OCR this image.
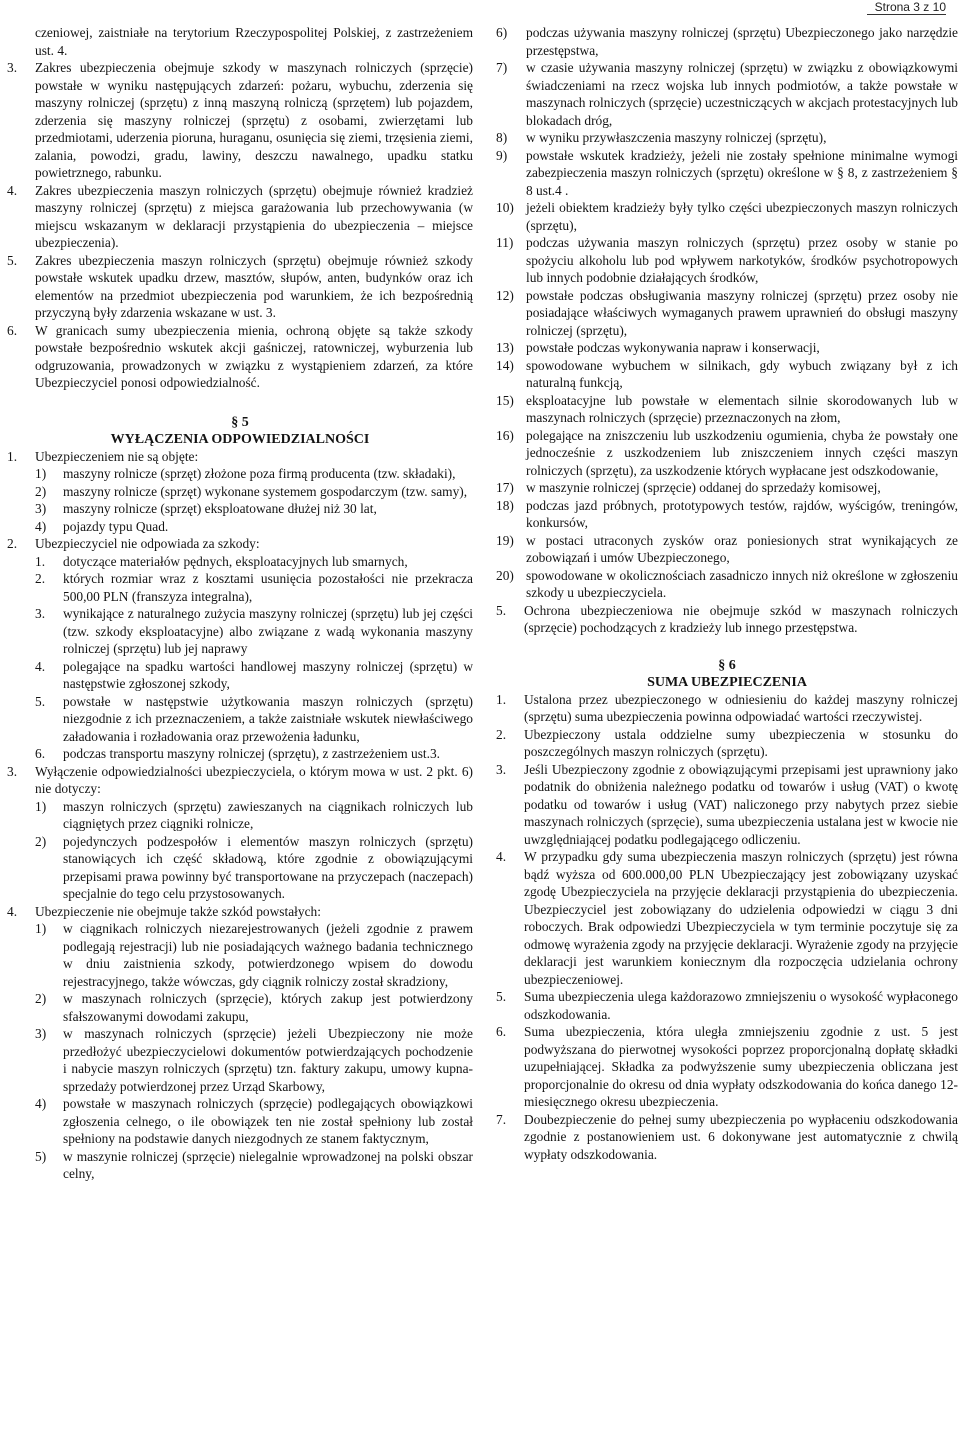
Strona 3 z 10
czeniowej, zaistniałe na terytorium Rzeczypospolitej Polskiej, z zastrzeżeniem ust. 4.
3.	Zakres ubezpieczenia obejmuje szkody w maszynach rolniczych (sprzęcie) powstałe w wyniku następujących zdarzeń: pożaru, wybuchu, zderzenia się maszyny rolniczej (sprzętu) z inną maszyną rolniczą (sprzętem) lub pojazdem, zderzenia się maszyny rolniczej (sprzętu) z osobami, zwierzętami lub przedmiotami, uderzenia pioruna, huraganu, osunięcia się ziemi, trzęsienia ziemi, zalania, powodzi, gradu, lawiny, deszczu nawalnego, upadku statku powietrznego, rabunku.
4.	Zakres ubezpieczenia maszyn rolniczych (sprzętu) obejmuje również kradzież maszyny rolniczej (sprzętu) z miejsca garażowania lub przechowywania (w miejscu wskazanym w deklaracji przystąpienia do ubezpieczenia – miejsce ubezpieczenia).
5.	Zakres ubezpieczenia maszyn rolniczych (sprzętu) obejmuje również szkody powstałe wskutek upadku drzew, masztów, słupów, anten, budynków oraz ich elementów na przedmiot ubezpieczenia pod warunkiem, że ich bezpośrednią przyczyną były zdarzenia wskazane w ust. 3.
6.	W granicach sumy ubezpieczenia mienia, ochroną objęte są także szkody powstałe bezpośrednio wskutek akcji gaśniczej, ratowniczej, wyburzenia lub odgruzowania, prowadzonych w związku z wystąpieniem zdarzeń, za które Ubezpieczyciel ponosi odpowiedzialność.
§ 5
WYŁĄCZENIA ODPOWIEDZIALNOŚCI
1.	Ubezpieczeniem nie są objęte:
1)	maszyny rolnicze (sprzęt) złożone poza firmą producenta (tzw. składaki),
2)	maszyny rolnicze (sprzęt) wykonane systemem gospodarczym (tzw. samy),
3)	maszyny rolnicze (sprzęt) eksploatowane dłużej niż 30 lat,
4)	pojazdy typu Quad.
2.	Ubezpieczyciel nie odpowiada za szkody:
1.	dotyczące materiałów pędnych, eksploatacyjnych lub smarnych,
2.	których rozmiar wraz z kosztami usunięcia pozostałości nie przekracza 500,00 PLN (franszyza integralna),
3.	wynikające z naturalnego zużycia maszyny rolniczej (sprzętu) lub jej części (tzw. szkody eksploatacyjne) albo związane z wadą wykonania maszyny rolniczej (sprzętu) lub jej naprawy
4.	polegające na spadku wartości handlowej maszyny rolniczej (sprzętu) w następstwie zgłoszonej szkody,
5.	powstałe w następstwie użytkowania maszyn rolniczych (sprzętu) niezgodnie z ich przeznaczeniem, a także zaistniałe wskutek niewłaściwego załadowania i rozładowania oraz przewożenia ładunku,
6.	podczas transportu maszyny rolniczej (sprzętu), z zastrzeżeniem ust.3.
3.	Wyłączenie odpowiedzialności ubezpieczyciela, o którym mowa w ust. 2 pkt. 6) nie dotyczy:
1)	maszyn rolniczych (sprzętu) zawieszanych na ciągnikach rolniczych lub ciągniętych przez ciągniki rolnicze,
2)	pojedynczych podzespołów i elementów maszyn rolniczych (sprzętu) stanowiących ich część składową, które zgodnie z obowiązującymi przepisami prawa powinny być transportowane na przyczepach (naczepach) specjalnie do tego celu przystosowanych.
4.	Ubezpieczenie nie obejmuje także szkód powstałych:
1)	w ciągnikach rolniczych niezarejestrowanych (jeżeli zgodnie z prawem podlegają rejestracji) lub nie posiadających ważnego badania technicznego w dniu zaistnienia szkody, potwierdzonego wpisem do dowodu rejestracyjnego, także wówczas, gdy ciągnik rolniczy został skradziony,
2)	w maszynach rolniczych (sprzęcie), których zakup jest potwierdzony sfałszowanymi dowodami zakupu,
3)	w maszynach rolniczych (sprzęcie) jeżeli Ubezpieczony nie może przedłożyć ubezpieczycielowi dokumentów potwierdzających pochodzenie i nabycie maszyn rolniczych (sprzętu) tzn. faktury zakupu, umowy kupna-sprzedaży potwierdzonej przez Urząd Skarbowy,
4)	powstałe w maszynach rolniczych (sprzęcie) podlegających obowiązkowi zgłoszenia celnego, o ile obowiązek ten nie został spełniony lub został spełniony na podstawie danych niezgodnych ze stanem faktycznym,
5)	w maszynie rolniczej (sprzęcie) nielegalnie wprowadzonej na polski obszar celny,
6)	podczas używania maszyny rolniczej (sprzętu) Ubezpieczonego jako narzędzie przestępstwa,
7)	w czasie używania maszyny rolniczej (sprzętu) w związku z obowiązkowymi świadczeniami na rzecz wojska lub innych podmiotów, a także powstałe w maszynach rolniczych (sprzęcie) uczestniczących w akcjach protestacyjnych lub blokadach dróg,
8)	w wyniku przywłaszczenia maszyny rolniczej (sprzętu),
9)	powstałe wskutek kradzieży, jeżeli nie zostały spełnione minimalne wymogi zabezpieczenia maszyn rolniczych (sprzętu) określone w § 8, z zastrzeżeniem § 8 ust.4 .
10) jeżeli obiektem kradzieży były tylko części ubezpieczonych maszyn rolniczych (sprzętu),
11) podczas używania maszyn rolniczych (sprzętu) przez osoby w stanie po spożyciu alkoholu lub pod wpływem narkotyków, środków psychotropowych lub innych podobnie działających środków,
12) powstałe podczas obsługiwania maszyny rolniczej (sprzętu) przez osoby nie posiadające właściwych wymaganych prawem uprawnień do obsługi maszyny rolniczej (sprzętu),
13) powstałe podczas wykonywania napraw i konserwacji,
14) spowodowane wybuchem w silnikach, gdy wybuch związany był z ich naturalną funkcją,
15) eksploatacyjne lub powstałe w elementach silnie skorodowanych lub w maszynach rolniczych (sprzęcie) przeznaczonych na złom,
16) polegające na zniszczeniu lub uszkodzeniu ogumienia, chyba że powstały one jednocześnie z uszkodzeniem lub zniszczeniem innych części maszyn rolniczych (sprzętu), za uszkodzenie których wypłacane jest odszkodowanie,
17) w maszynie rolniczej (sprzęcie) oddanej do sprzedaży komisowej,
18) podczas jazd próbnych, prototypowych testów, rajdów, wyścigów, treningów, konkursów,
19) w postaci utraconych zysków oraz poniesionych strat wynikających ze zobowiązań i umów Ubezpieczonego,
20) spowodowane w okolicznościach zasadniczo innych niż określone w zgłoszeniu szkody u ubezpieczyciela.
5.	Ochrona ubezpieczeniowa nie obejmuje szkód w maszynach rolniczych (sprzęcie) pochodzących z kradzieży lub innego przestępstwa.
§ 6
SUMA UBEZPIECZENIA
1.	Ustalona przez ubezpieczonego w odniesieniu do każdej maszyny rolniczej (sprzętu) suma ubezpieczenia powinna odpowiadać wartości rzeczywistej.
2.	Ubezpieczony ustala oddzielne sumy ubezpieczenia w stosunku do poszczególnych maszyn rolniczych (sprzętu).
3.	Jeśli Ubezpieczony zgodnie z obowiązującymi przepisami jest uprawniony jako podatnik do obniżenia należnego podatku od towarów i usług (VAT) o kwotę podatku od towarów i usług (VAT) naliczonego przy nabytych przez siebie maszynach rolniczych (sprzęcie), suma ubezpieczenia ustalana jest w kwocie nie uwzględniającej podatku podlegającego odliczeniu.
4.	W przypadku gdy suma ubezpieczenia maszyn rolniczych (sprzętu) jest równa bądź wyższa od 600.000,00 PLN Ubezpieczający jest zobowiązany uzyskać zgodę Ubezpieczyciela na przyjęcie deklaracji przystąpienia do ubezpieczenia. Ubezpieczyciel jest zobowiązany do udzielenia odpowiedzi w ciągu 3 dni roboczych. Brak odpowiedzi Ubezpieczyciela w tym terminie poczytuje się za odmowę wyrażenia zgody na przyjęcie deklaracji. Wyrażenie zgody na przyjęcie deklaracji jest warunkiem koniecznym dla rozpoczęcia udzielania ochrony ubezpieczeniowej.
5.	Suma ubezpieczenia ulega każdorazowo zmniejszeniu o wysokość wypłaconego odszkodowania.
6.	Suma ubezpieczenia, która uległa zmniejszeniu zgodnie z ust. 5 jest podwyższana do pierwotnej wysokości poprzez proporcjonalną dopłatę składki uzupełniającej. Składka za podwyższenie sumy ubezpieczenia obliczana jest proporcjonalnie do okresu od dnia wypłaty odszkodowania do końca danego 12-miesięcznego okresu ubezpieczenia.
7.	Doubezpieczenie do pełnej sumy ubezpieczenia po wypłaceniu odszkodowania zgodnie z postanowieniem ust. 6 dokonywane jest automatycznie z chwilą wypłaty odszkodowania.
